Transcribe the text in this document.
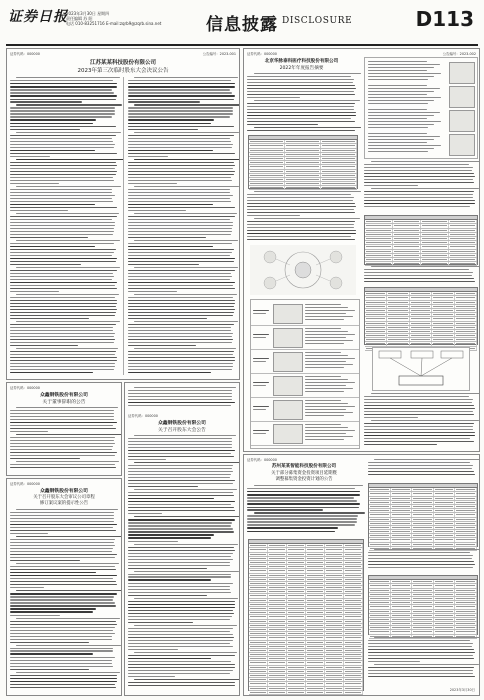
证券日报
2023年3月30日 星期四
责任编辑 苏 阳
电话 010-83251716 E-mail:zqrb9@zqrb.sina.net	信息披露 DISCLOSURE	D113
证券代码：000000	公告编号：2023-001
江苏某某科技股份有限公司
2023年第三次临时股东大会决议公告
证券代码：000000	公告编号：2023-002
北京华脉泰科医疗科技股份有限公司
2022年年度报告摘要
证券代码：000000
众鑫钢铁股份有限公司
关于董事辞职的公告
证券代码：000000
众鑫钢铁股份有限公司
关于召开股东大会公告
证券代码：000000
众鑫钢铁股份有限公司
关于召开股东大会审议公司章程
修订案议案的提示性公告
证券代码：000000
苏州某某智能科技股份有限公司
关于部分募集资金投资项目延期暨
调整募集资金投资计划的公告
2023年3月30日
